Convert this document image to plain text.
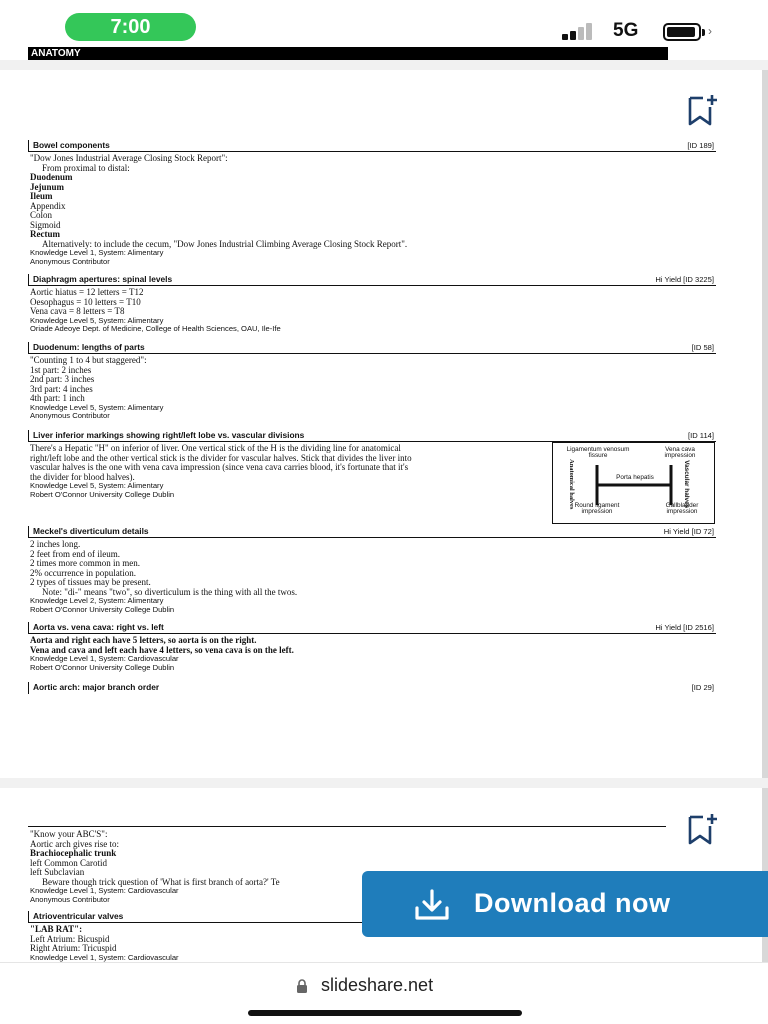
7:00	5G	›
ANATOMY
Bowel components	[ID 189]
"Dow Jones Industrial Average Closing Stock Report":
From proximal to distal:
Duodenum
Jejunum
Ileum
Appendix
Colon
Sigmoid
Rectum
Alternatively: to include the cecum, "Dow Jones Industrial Climbing Average Closing Stock Report".
Knowledge Level 1, System: Alimentary
Anonymous Contributor
Diaphragm apertures: spinal levels	Hi Yield [ID 3225]
Aortic hiatus = 12 letters = T12
Oesophagus = 10 letters = T10
Vena cava = 8 letters = T8
Knowledge Level 5, System: Alimentary
Oriade Adeoye Dept. of Medicine, College of Health Sciences, OAU, Ile-Ife
Duodenum: lengths of parts	[ID 58]
"Counting 1 to 4 but staggered":
1st part: 2 inches
2nd part: 3 inches
3rd part: 4 inches
4th part: 1 inch
Knowledge Level 5, System: Alimentary
Anonymous Contributor
Liver inferior markings showing right/left lobe vs. vascular divisions	[ID 114]
There's a Hepatic "H" on inferior of liver. One vertical stick of the H is the dividing line for anatomical
right/left lobe and the other vertical stick is the divider for vascular halves. Stick that divides the liver into
vascular halves is the one with vena cava impression (since vena cava carries blood, it's fortunate that it's
the divider for blood halves).
Knowledge Level 5, System: Alimentary
Robert O'Connor University College Dublin
Ligamentum venosum fissure
Vena cava impression
Porta hepatis
Anatomical halves	Vascular halves
Round ligament impression
Gallbladder impression
Meckel's diverticulum details	Hi Yield [ID 72]
2 inches long.
2 feet from end of ileum.
2 times more common in men.
2% occurrence in population.
2 types of tissues may be present.
Note: "di-" means "two", so diverticulum is the thing with all the twos.
Knowledge Level 2, System: Alimentary
Robert O'Connor University College Dublin
Aorta vs. vena cava: right vs. left	Hi Yield [ID 2516]
Aorta and right each have 5 letters, so aorta is on the right.
Vena and cava and left each have 4 letters, so vena cava is on the left.
Knowledge Level 1, System: Cardiovascular
Robert O'Connor University College Dublin
Aortic arch: major branch order	[ID 29]
"Know your ABC'S":
Aortic arch gives rise to:
Brachiocephalic trunk
left Common Carotid
left Subclavian
Beware though trick question of 'What is first branch of aorta?' Te
Knowledge Level 1, System: Cardiovascular
Anonymous Contributor
Atrioventricular valves
"LAB RAT":
Left Atrium: Bicuspid
Right Atrium: Tricuspid
Knowledge Level 1, System: Cardiovascular
Download now
slideshare.net
